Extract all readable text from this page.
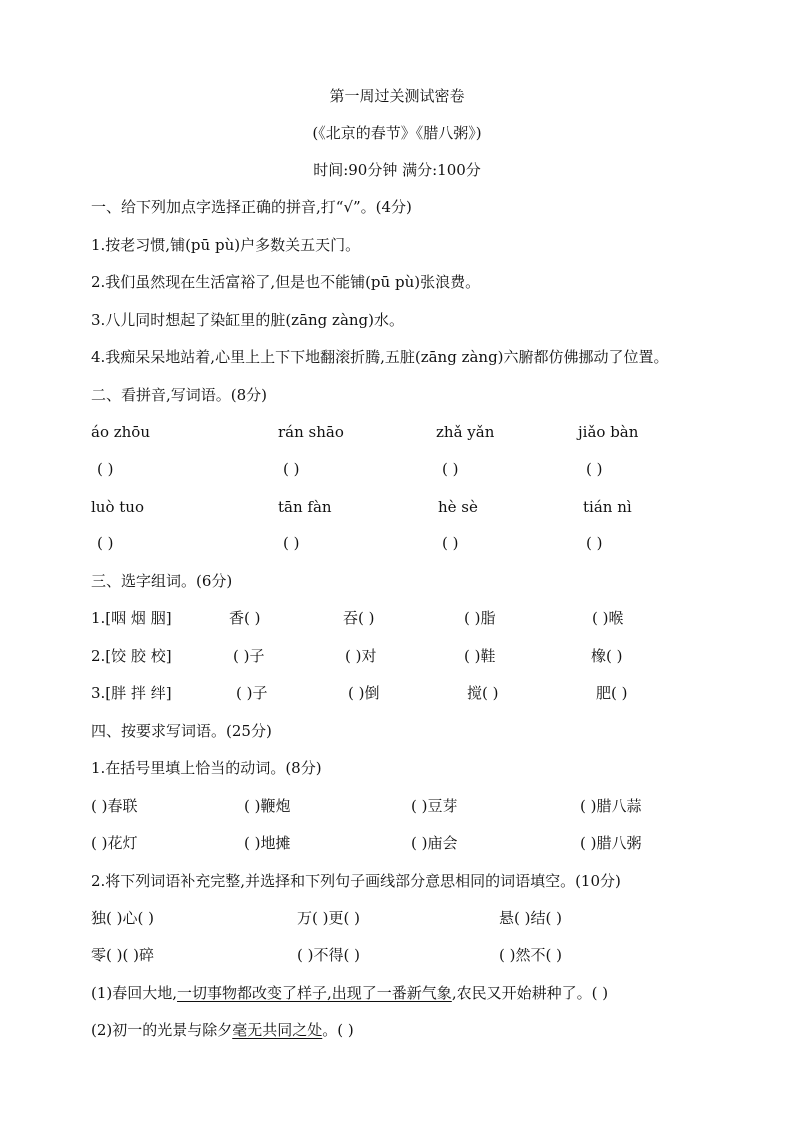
第一周过关测试密卷
(《北京的春节》《腊八粥》)
时间:90分钟 满分:100分
一、给下列加点字选择正确的拼音,打“√”。(4分)
1.按老习惯,铺(pū pù)户多数关五天门。
2.我们虽然现在生活富裕了,但是也不能铺(pū pù)张浪费。
3.八儿同时想起了染缸里的脏(zāng zàng)水。
4.我痴呆呆地站着,心里上上下下地翻滚折腾,五脏(zāng zàng)六腑都仿佛挪动了位置。
二、看拼音,写词语。(8分)
áo zhōu	rán shāo	zhǎ yǎn	jiǎo bàn
( )	( )	( )	( )
luò tuo	tān fàn	hè sè	tián nì
( )	( )	( )	( )
三、选字组词。(6分)
1.[咽 烟 胭]	香( )	吞( )	( )脂	( )喉
2.[饺 胶 校]	( )子	( )对	( )鞋	橡( )
3.[胖 拌 绊]	( )子	( )倒	搅( )	肥( )
四、按要求写词语。(25分)
1.在括号里填上恰当的动词。(8分)
( )春联	( )鞭炮	( )豆芽	( )腊八蒜
( )花灯	( )地摊	( )庙会	( )腊八粥
2.将下列词语补充完整,并选择和下列句子画线部分意思相同的词语填空。(10分)
独( )心( )	万( )更( )	悬( )结( )
零( )( )碎	( )不得( )	( )然不( )
(1)春回大地,一切事物都改变了样子,出现了一番新气象,农民又开始耕种了。( )
(2)初一的光景与除夕毫无共同之处。( )
